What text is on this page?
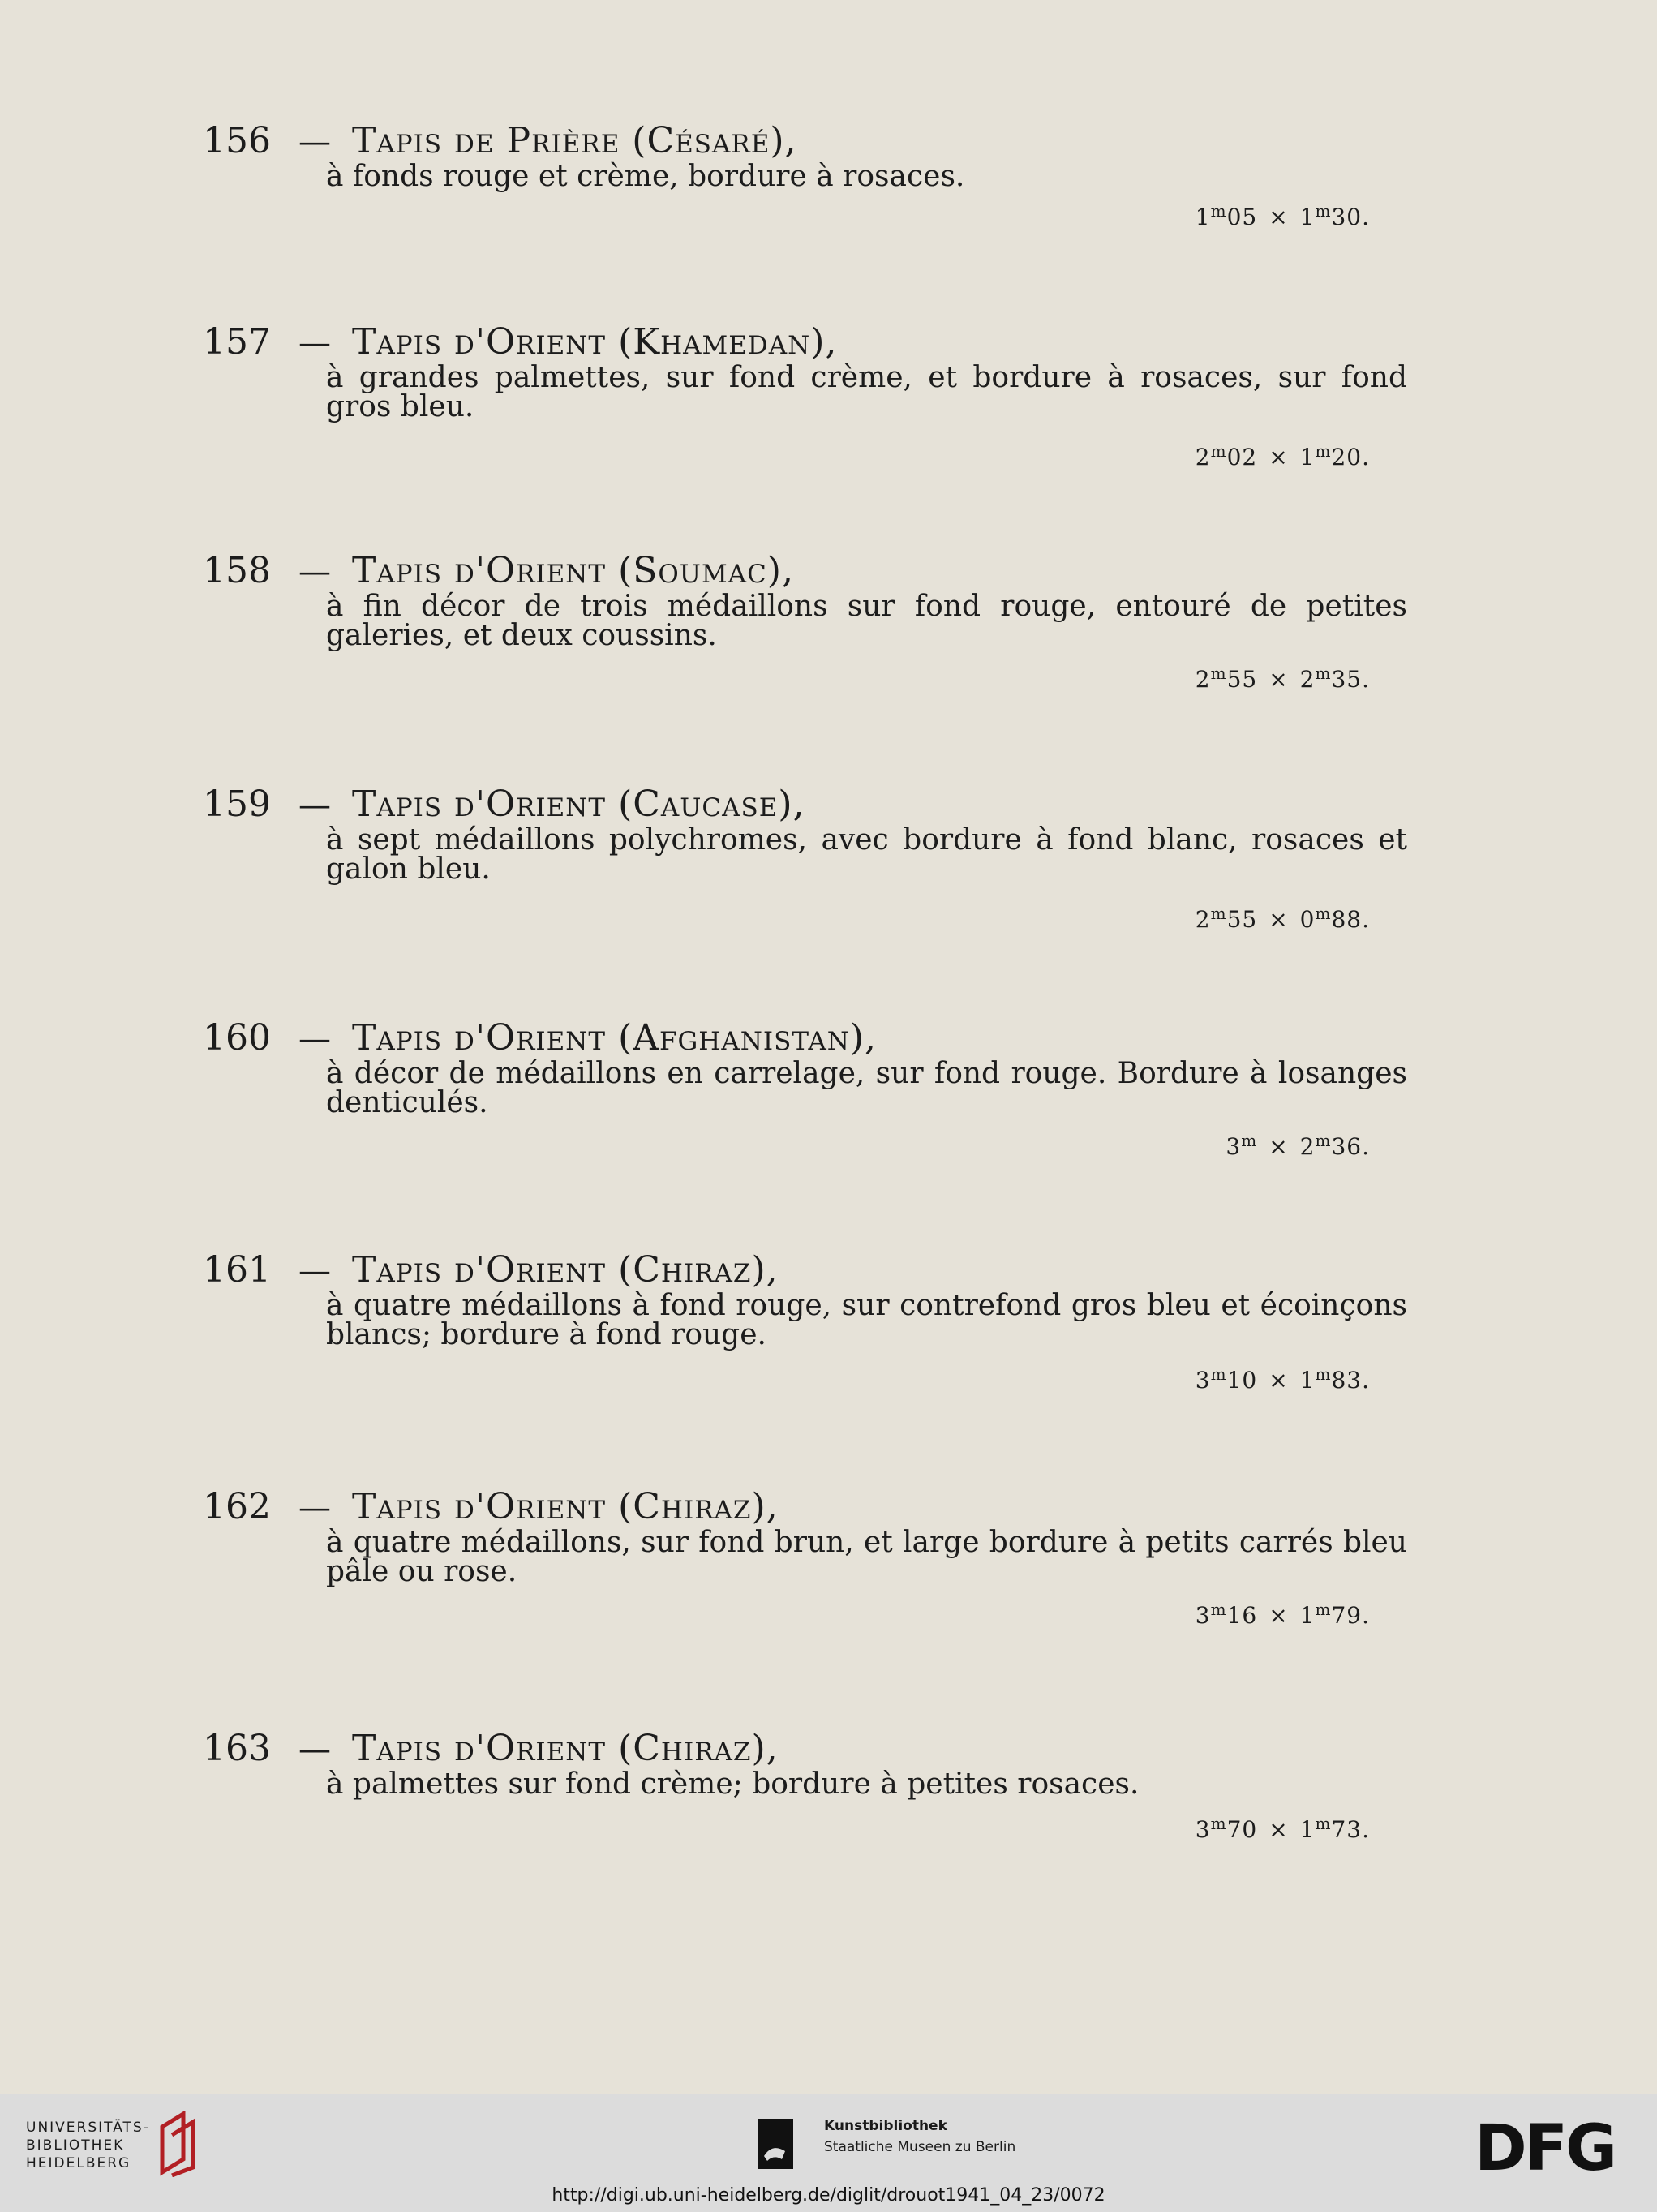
156 — Tapis de Prière (Césaré),
à fonds rouge et crème, bordure à rosaces.
$1^m05 \times 1^m30$.
157 — Tapis d'Orient (Khamedan),
à grandes palmettes, sur fond crème, et bordure à rosaces, sur fond gros bleu.
$2^m02 \times 1^m20$.
158 — Tapis d'Orient (Soumac),
à fin décor de trois médaillons sur fond rouge, entouré de petites galeries, et deux coussins.
$2^m55 \times 2^m35$.
159 — Tapis d'Orient (Caucase),
à sept médaillons polychromes, avec bordure à fond blanc, rosaces et galon bleu.
$2^m55 \times 0^m88$.
160 — Tapis d'Orient (Afghanistan),
à décor de médaillons en carrelage, sur fond rouge. Bordure à losanges denticulés.
$3^m \times 2^m36$.
161 — Tapis d'Orient (Chiraz),
à quatre médaillons à fond rouge, sur contrefond gros bleu et écoinçons blancs; bordure à fond rouge.
$3^m10 \times 1^m83$.
162 — Tapis d'Orient (Chiraz),
à quatre médaillons, sur fond brun, et large bordure à petits carrés bleu pâle ou rose.
$3^m16 \times 1^m79$.
163 — Tapis d'Orient (Chiraz),
à palmettes sur fond crème; bordure à petites rosaces.
$3^m70 \times 1^m73$.
UNIVERSITÄTS-
BIBLIOTHEK
HEIDELBERG
Kunstbibliothek
Staatliche Museen zu Berlin	DFG
http://digi.ub.uni-heidelberg.de/diglit/drouot1941_04_23/0072
